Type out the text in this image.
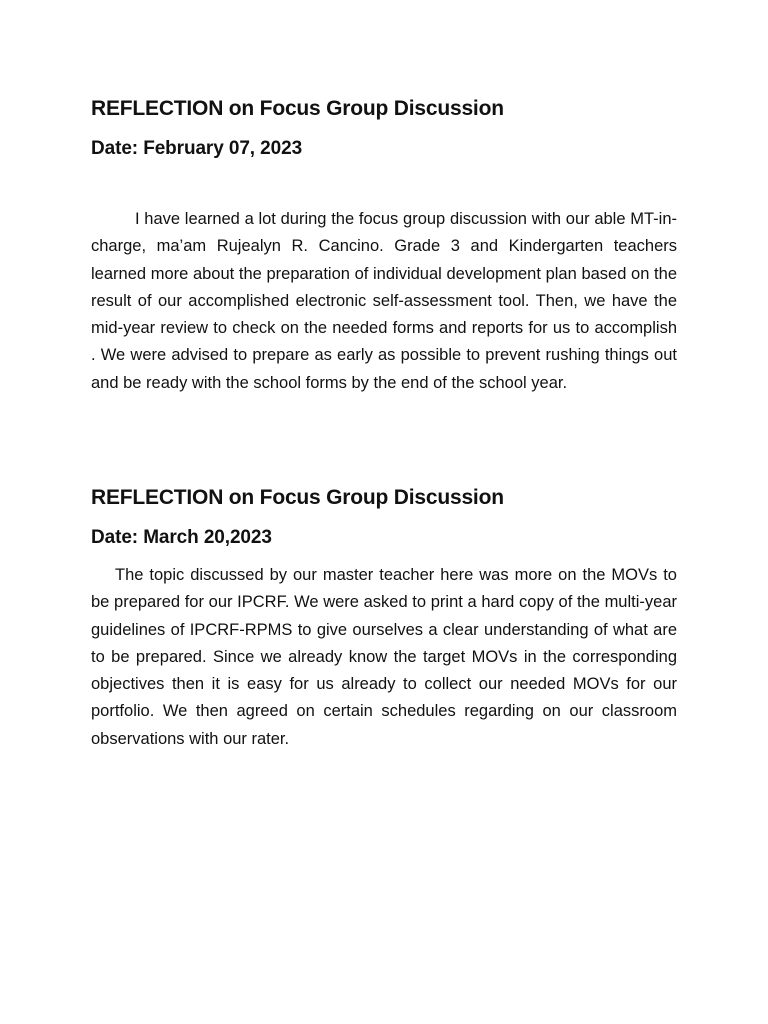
REFLECTION on Focus Group Discussion

Date: February 07, 2023

I have learned a lot during the focus group discussion with our able MT-in-charge, ma’am Rujealyn R. Cancino. Grade 3 and Kindergarten teachers learned more about the preparation of individual development plan based on the result of our accomplished electronic self-assessment tool. Then, we have the mid-year review to check on the needed forms and reports for us to accomplish . We were advised to prepare as early as possible to prevent rushing things out and be ready with the school forms by the end of the school year.

REFLECTION on Focus Group Discussion

Date: March 20,2023

The topic discussed by our master teacher here was more on the MOVs to be prepared for our IPCRF. We were asked to print a hard copy of the multi-year guidelines of IPCRF-RPMS to give ourselves a clear understanding of what are to be prepared. Since we already know the target MOVs in the corresponding objectives then it is easy for us already to collect our needed MOVs for our portfolio. We then agreed on certain schedules regarding on our classroom observations with our rater.
